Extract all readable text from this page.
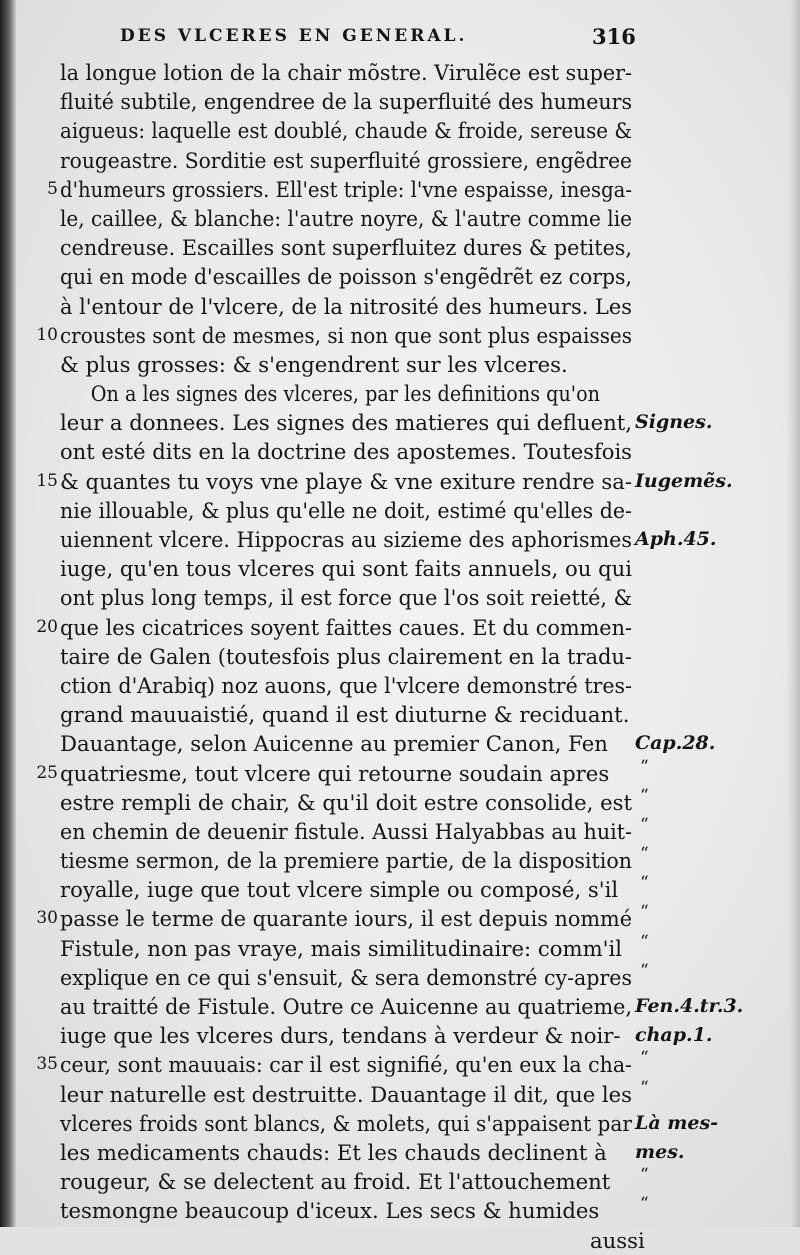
DES VLCERES EN GENERAL.	316
la longue lotion de la chair mõstre. Virulẽce est super-
fluité subtile, engendree de la superfluité des humeurs
aigueus: laquelle est doublé, chaude & froide, sereuse &
rougeastre. Sorditie est superfluité grossiere, engẽdree
5 d'humeurs grossiers. Ell'est triple: l'vne espaisse, inesga-
le, caillee, & blanche: l'autre noyre, & l'autre comme lie
cendreuse. Escailles sont superfluitez dures & petites,
qui en mode d'escailles de poisson s'engẽdrẽt ez corps,
à l'entour de l'vlcere, de la nitrosité des humeurs. Les
10 croustes sont de mesmes, si non que sont plus espaisses
& plus grosses: & s'engendrent sur les vlceres.
On a les signes des vlceres, par les definitions qu'on
leur a donnees. Les signes des matieres qui defluent, Signes.
ont esté dits en la doctrine des apostemes. Toutesfois
15 & quantes tu voys vne playe & vne exiture rendre sa- Iugemẽs.
nie illouable, & plus qu'elle ne doit, estimé qu'elles de-
uiennent vlcere. Hippocras au sizieme des aphorismes Aph.45.
iuge, qu'en tous vlceres qui sont faits annuels, ou qui
ont plus long temps, il est force que l'os soit reietté, &
20 que les cicatrices soyent faittes caues. Et du commen-
taire de Galen (toutesfois plus clairement en la tradu-
ction d'Arabiq) noz auons, que l'vlcere demonstré tres-
grand mauuaistié, quand il est diuturne & reciduant.
Dauantage, selon Auicenne au premier Canon, Fen Cap.28.
25 quatriesme, tout vlcere qui retourne soudain apres “
estre rempli de chair, & qu'il doit estre consolide, est “
en chemin de deuenir fistule. Aussi Halyabbas au huit- “
tiesme sermon, de la premiere partie, de la disposition “
royalle, iuge que tout vlcere simple ou composé, s'il “
30 passe le terme de quarante iours, il est depuis nommé “
Fistule, non pas vraye, mais similitudinaire: comm'il “
explique en ce qui s'ensuit, & sera demonstré cy-apres “
au traitté de Fistule. Outre ce Auicenne au quatrieme, Fen.4.tr.3.
iuge que les vlceres durs, tendans à verdeur & noir- chap.1.
35 ceur, sont mauuais: car il est signifié, qu'en eux la cha- “
leur naturelle est destruitte. Dauantage il dit, que les “
vlceres froids sont blancs, & molets, qui s'appaisent par Là mes-
les medicaments chauds: Et les chauds declinent à mes.
rougeur, & se delectent au froid. Et l'attouchement “
tesmongne beaucoup d'iceux. Les secs & humides “
aussi
